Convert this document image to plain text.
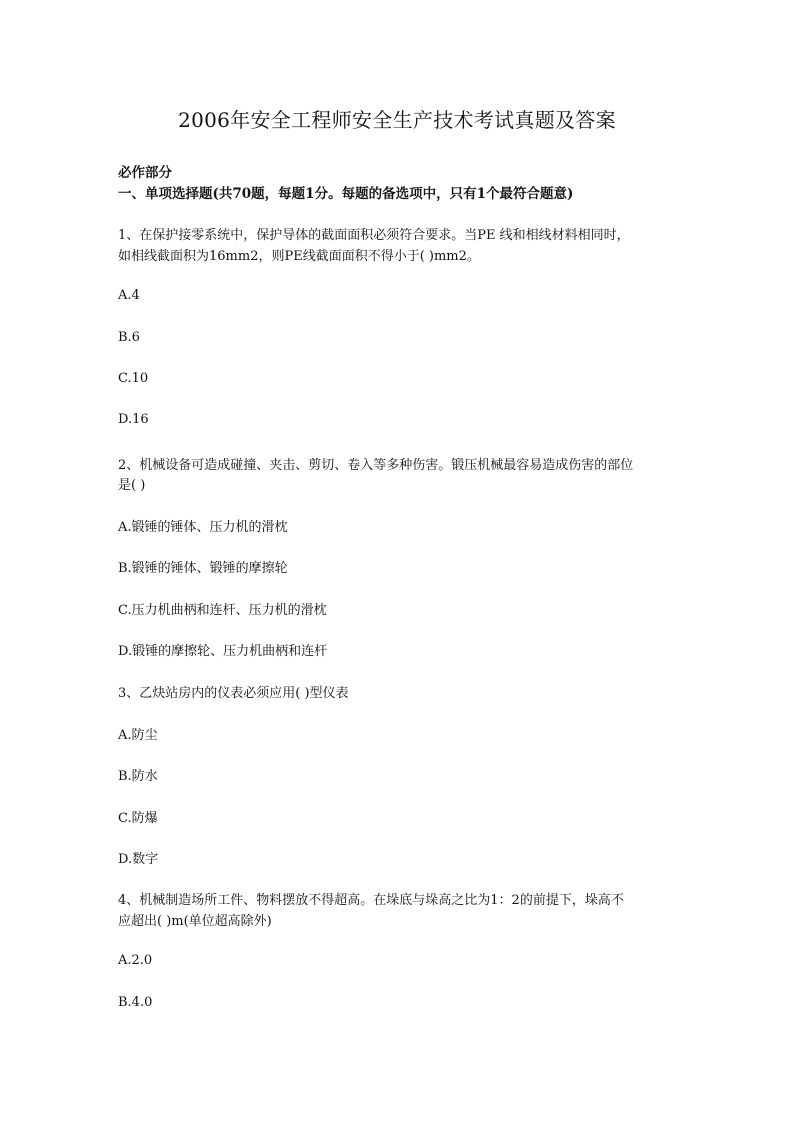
2006年安全工程师安全生产技术考试真题及答案
必作部分
一、单项选择题(共70题，每题1分。每题的备选项中，只有1个最符合题意)
1、在保护接零系统中，保护导体的截面面积必须符合要求。当PE 线和相线材料相同时，
如相线截面积为16mm2，则PE线截面面积不得小于( )mm2。
A.4
B.6
C.10
D.16
2、机械设备可造成碰撞、夹击、剪切、卷入等多种伤害。锻压机械最容易造成伤害的部位
是( )
A.锻锤的锤体、压力机的滑枕
B.锻锤的锤体、锻锤的摩擦轮
C.压力机曲柄和连杆、压力机的滑枕
D.锻锤的摩擦轮、压力机曲柄和连杆
3、乙炔站房内的仪表必须应用( )型仪表
A.防尘
B.防水
C.防爆
D.数字
4、机械制造场所工件、物料摆放不得超高。在垛底与垛高之比为1：2的前提下，垛高不
应超出( )m(单位超高除外)
A.2.0
B.4.0
